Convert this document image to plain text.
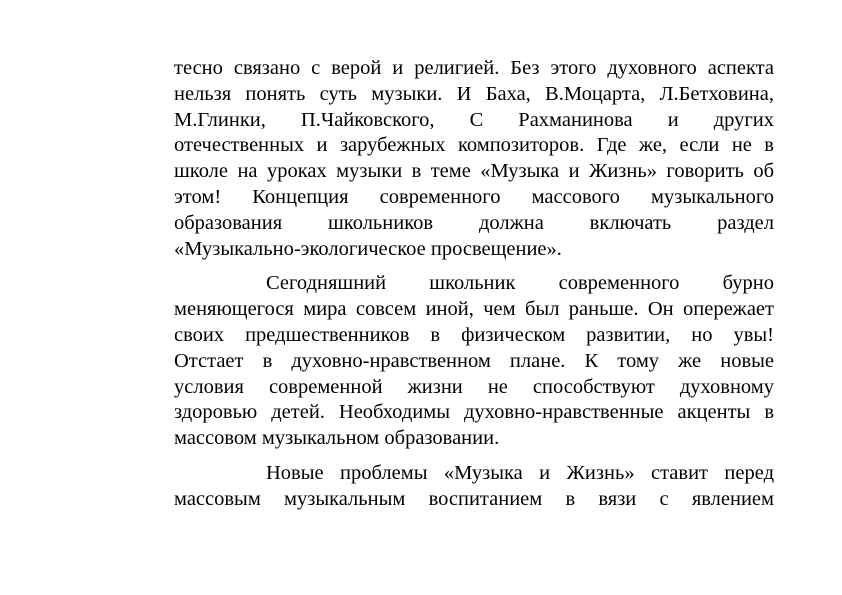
тесно связано с верой и религией. Без этого духовного аспекта
нельзя понять суть музыки. И Баха, В.Моцарта, Л.Бетховина,
М.Глинки, П.Чайковского, С Рахманинова и других
отечественных и зарубежных композиторов. Где же, если не в
школе на уроках музыки в теме «Музыка и Жизнь» говорить об
этом! Концепция современного массового музыкального
образования школьников должна включать раздел
«Музыкально-экологическое просвещение».
Сегодняшний школьник современного бурно
меняющегося мира совсем иной, чем был раньше. Он опережает
своих предшественников в физическом развитии, но увы!
Отстает в духовно-нравственном плане. К тому же новые
условия современной жизни не способствуют духовному
здоровью детей. Необходимы духовно-нравственные акценты в
массовом музыкальном образовании.
Новые проблемы «Музыка и Жизнь» ставит перед
массовым музыкальным воспитанием в вязи с явлением
